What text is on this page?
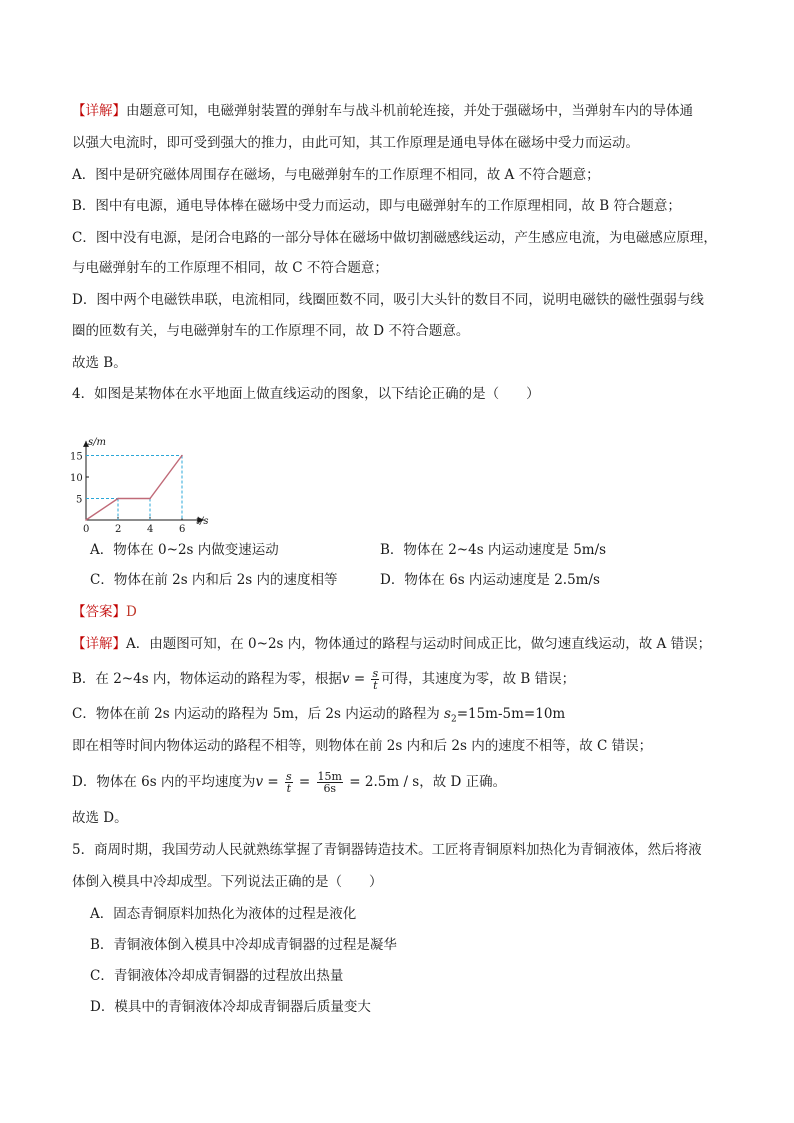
【详解】由题意可知，电磁弹射装置的弹射车与战斗机前轮连接，并处于强磁场中，当弹射车内的导体通
以强大电流时，即可受到强大的推力，由此可知，其工作原理是通电导体在磁场中受力而运动。
A．图中是研究磁体周围存在磁场，与电磁弹射车的工作原理不相同，故 A 不符合题意；
B．图中有电源，通电导体棒在磁场中受力而运动，即与电磁弹射车的工作原理相同，故 B 符合题意；
C．图中没有电源，是闭合电路的一部分导体在磁场中做切割磁感线运动，产生感应电流，为电磁感应原理，
与电磁弹射车的工作原理不相同，故 C 不符合题意；
D．图中两个电磁铁串联，电流相同，线圈匝数不同，吸引大头针的数目不同，说明电磁铁的磁性强弱与线
圈的匝数有关，与电磁弹射车的工作原理不同，故 D 不符合题意。
故选 B。
4．如图是某物体在水平地面上做直线运动的图象，以下结论正确的是（　　）
s/m
t/s
0	2	4	6
5
10
15
A．物体在 0~2s 内做变速运动	B．物体在 2~4s 内运动速度是 5m/s
C．物体在前 2s 内和后 2s 内的速度相等	D．物体在 6s 内运动速度是 2.5m/s
【答案】D
【详解】A．由题图可知，在 0~2s 内，物体通过的路程与运动时间成正比，做匀速直线运动，故 A 错误；
B．在 2~4s 内，物体运动的路程为零，根据$v = \frac{s}{t}$ 可得，其速度为零，故 B 错误；
C．物体在前 2s 内运动的路程为 5m，后 2s 内运动的路程为 $s_2=15m-5m=10m$
即在相等时间内物体运动的路程不相等，则物体在前 2s 内和后 2s 内的速度不相等，故 C 错误；
D．物体在 6s 内的平均速度为$v = \frac{s}{t} = \frac{15m}{6s} = 2.5m / s$，故 D 正确。
故选 D。
5．商周时期，我国劳动人民就熟练掌握了青铜器铸造技术。工匠将青铜原料加热化为青铜液体，然后将液
体倒入模具中冷却成型。下列说法正确的是（　　）
A．固态青铜原料加热化为液体的过程是液化
B．青铜液体倒入模具中冷却成青铜器的过程是凝华
C．青铜液体冷却成青铜器的过程放出热量
D．模具中的青铜液体冷却成青铜器后质量变大
